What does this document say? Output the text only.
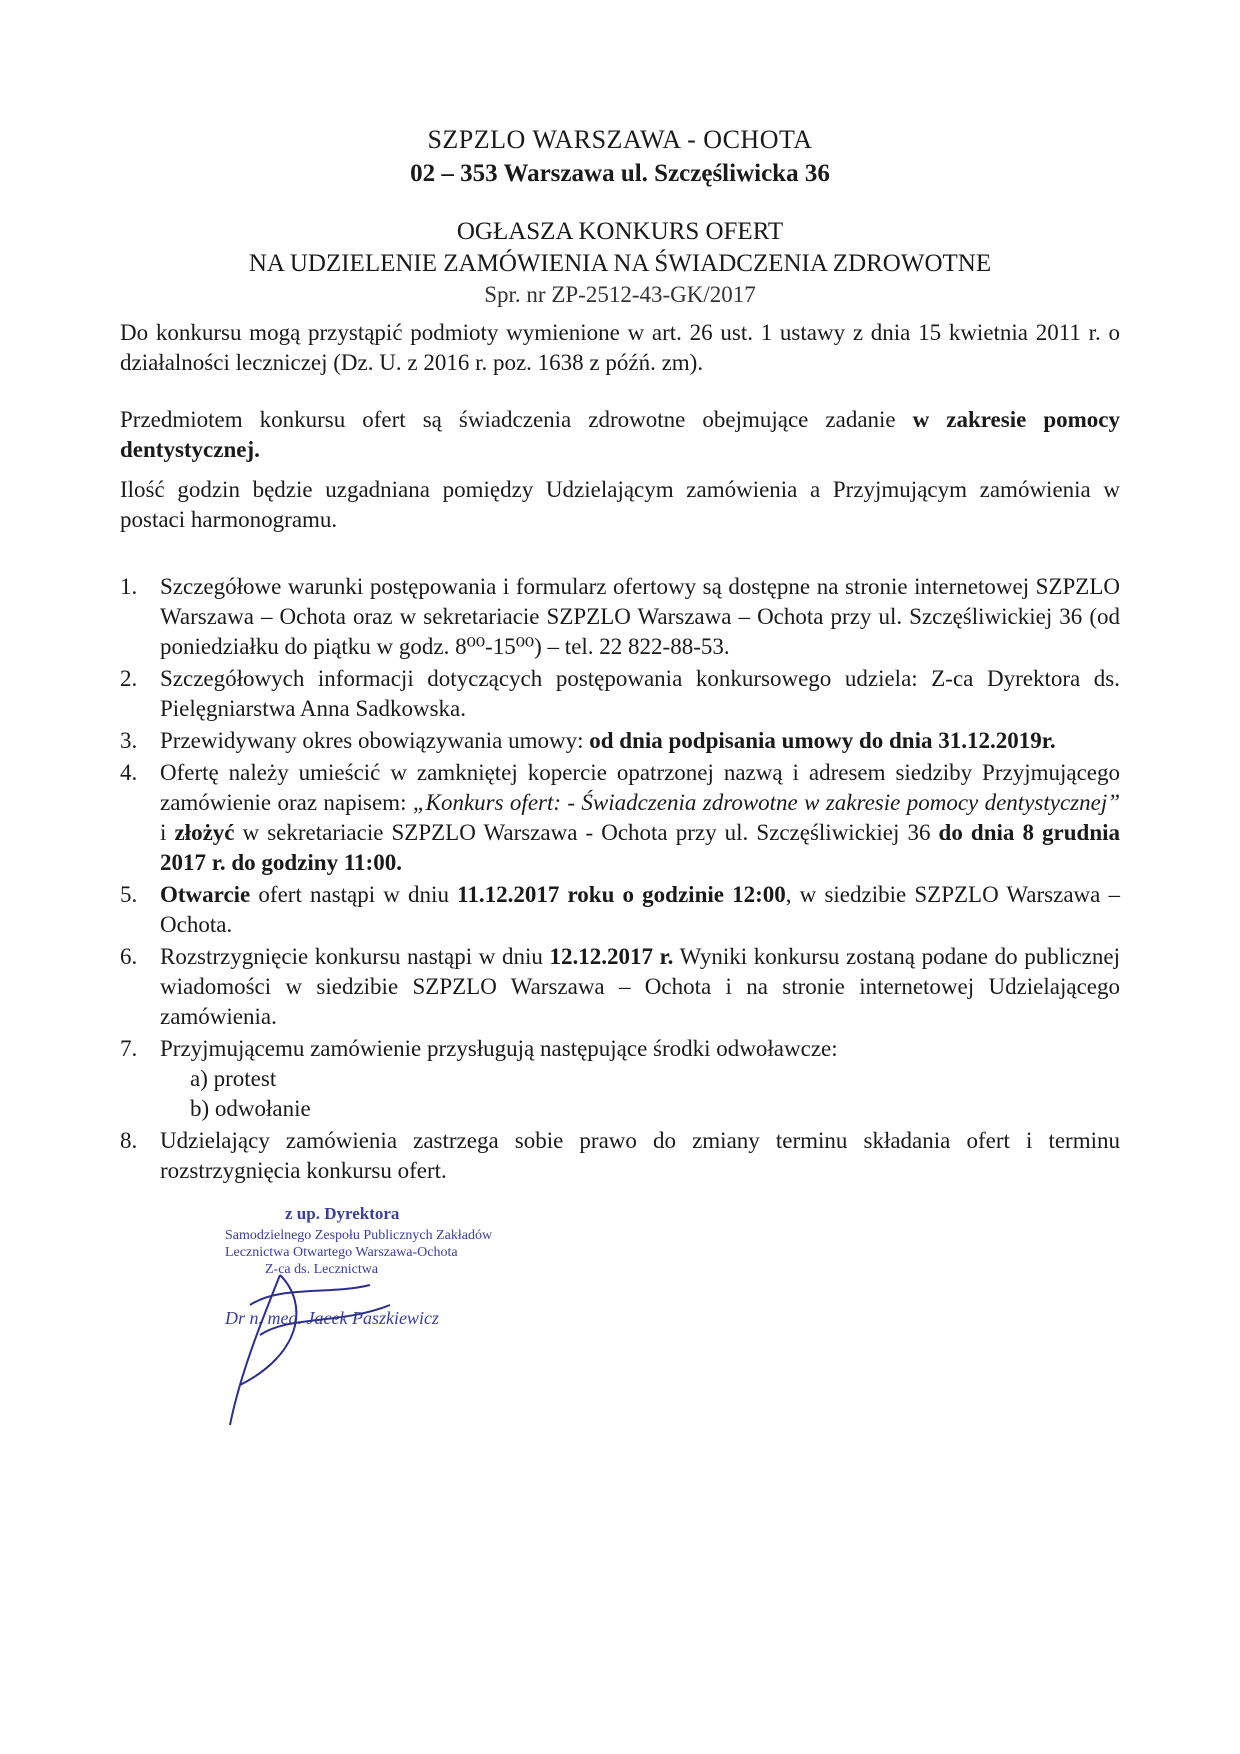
SZPZLO WARSZAWA - OCHOTA
02 – 353 Warszawa ul. Szczęśliwicka 36
OGŁASZA KONKURS OFERT
NA UDZIELENIE ZAMÓWIENIA NA ŚWIADCZENIA ZDROWOTNE
Spr. nr ZP-2512-43-GK/2017
Do konkursu mogą przystąpić podmioty wymienione w art. 26 ust. 1 ustawy z dnia 15 kwietnia 2011 r. o działalności leczniczej (Dz. U. z 2016 r. poz. 1638 z późń. zm).
Przedmiotem konkursu ofert są świadczenia zdrowotne obejmujące zadanie w zakresie pomocy dentystycznej.
Ilość godzin będzie uzgadniana pomiędzy Udzielającym zamówienia a Przyjmującym zamówienia w postaci harmonogramu.
1. Szczegółowe warunki postępowania i formularz ofertowy są dostępne na stronie internetowej SZPZLO Warszawa – Ochota oraz w sekretariacie SZPZLO Warszawa – Ochota przy ul. Szczęśliwickiej 36 (od poniedziałku do piątku w godz. 8⁰⁰-15⁰⁰) – tel. 22 822-88-53.
2. Szczegółowych informacji dotyczących postępowania konkursowego udziela: Z-ca Dyrektora ds. Pielęgniarstwa Anna Sadkowska.
3. Przewidywany okres obowiązywania umowy: od dnia podpisania umowy do dnia 31.12.2019r.
4. Ofertę należy umieścić w zamkniętej kopercie opatrzonej nazwą i adresem siedziby Przyjmującego zamówienie oraz napisem: „Konkurs ofert: - Świadczenia zdrowotne w zakresie pomocy dentystycznej” i złożyć w sekretariacie SZPZLO Warszawa - Ochota przy ul. Szczęśliwickiej 36 do dnia 8 grudnia 2017 r. do godziny 11:00.
5. Otwarcie ofert nastąpi w dniu 11.12.2017 roku o godzinie 12:00, w siedzibie SZPZLO Warszawa – Ochota.
6. Rozstrzygnięcie konkursu nastąpi w dniu 12.12.2017 r. Wyniki konkursu zostaną podane do publicznej wiadomości w siedzibie SZPZLO Warszawa – Ochota i na stronie internetowej Udzielającego zamówienia.
7. Przyjmującemu zamówienie przysługują następujące środki odwoławcze:
a) protest
b) odwołanie
8. Udzielający zamówienia zastrzega sobie prawo do zmiany terminu składania ofert i terminu rozstrzygnięcia konkursu ofert.
z up. Dyrektora
Samodzielnego Zespołu Publicznych Zakładów
Lecznictwa Otwartego Warszawa-Ochota
Z-ca ds. Lecznictwa
Dr n. med. Jacek Paszkiewicz
